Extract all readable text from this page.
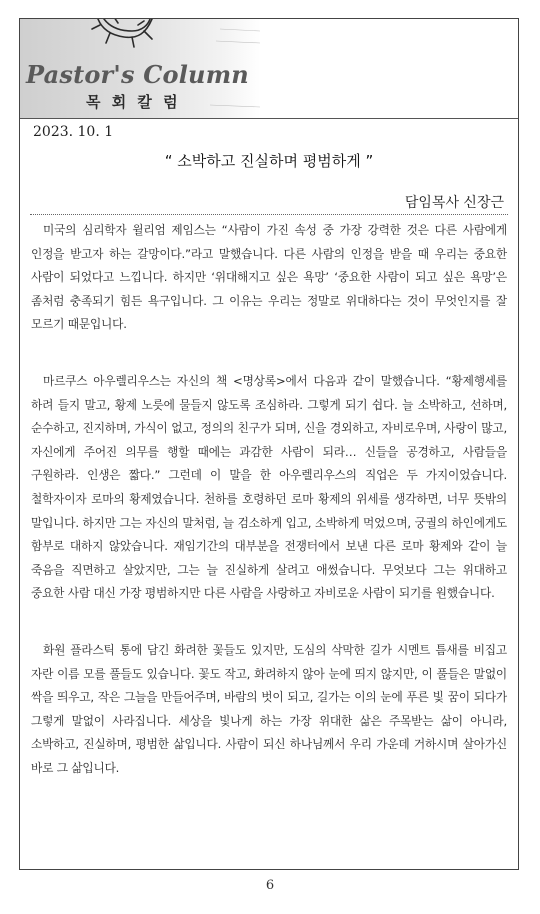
Pastor's Column
목 회 칼 럼
2023. 10. 1
“ 소박하고 진실하며 평범하게 ”
담임목사 신장근

미국의 심리학자 윌리엄 제임스는 “사람이 가진 속성 중 가장 강력한 것은 다른 사람에게 인정을 받고자 하는 갈망이다.”라고 말했습니다. 다른 사람의 인정을 받을 때 우리는 중요한 사람이 되었다고 느낍니다. 하지만 ‘위대해지고 싶은 욕망’ ‘중요한 사람이 되고 싶은 욕망’은 좀처럼 충족되기 힘든 욕구입니다. 그 이유는 우리는 정말로 위대하다는 것이 무엇인지를 잘 모르기 때문입니다.

마르쿠스 아우렐리우스는 자신의 책 <명상록>에서 다음과 같이 말했습니다. “황제행세를 하려 들지 말고, 황제 노릇에 물들지 않도록 조심하라. 그렇게 되기 쉽다. 늘 소박하고, 선하며, 순수하고, 진지하며, 가식이 없고, 정의의 친구가 되며, 신을 경외하고, 자비로우며, 사랑이 많고, 자신에게 주어진 의무를 행할 때에는 과감한 사람이 되라… 신들을 공경하고, 사람들을 구원하라. 인생은 짧다.” 그런데 이 말을 한 아우렐리우스의 직업은 두 가지이었습니다. 철학자이자 로마의 황제였습니다. 천하를 호령하던 로마 황제의 위세를 생각하면, 너무 뜻밖의 말입니다. 하지만 그는 자신의 말처럼, 늘 검소하게 입고, 소박하게 먹었으며, 궁궐의 하인에게도 함부로 대하지 않았습니다. 재임기간의 대부분을 전쟁터에서 보낸 다른 로마 황제와 같이 늘 죽음을 직면하고 살았지만, 그는 늘 진실하게 살려고 애썼습니다. 무엇보다 그는 위대하고 중요한 사람 대신 가장 평범하지만 다른 사람을 사랑하고 자비로운 사람이 되기를 원했습니다.

화원 플라스틱 통에 담긴 화려한 꽃들도 있지만, 도심의 삭막한 길가 시멘트 틈새를 비집고 자란 이름 모를 풀들도 있습니다. 꽃도 작고, 화려하지 않아 눈에 띄지 않지만, 이 풀들은 말없이 싹을 띄우고, 작은 그늘을 만들어주며, 바람의 벗이 되고, 길가는 이의 눈에 푸른 빛 꿈이 되다가 그렇게 말없이 사라집니다. 세상을 빛나게 하는 가장 위대한 삶은 주목받는 삶이 아니라, 소박하고, 진실하며, 평범한 삶입니다. 사람이 되신 하나님께서 우리 가운데 거하시며 살아가신 바로 그 삶입니다.

6
